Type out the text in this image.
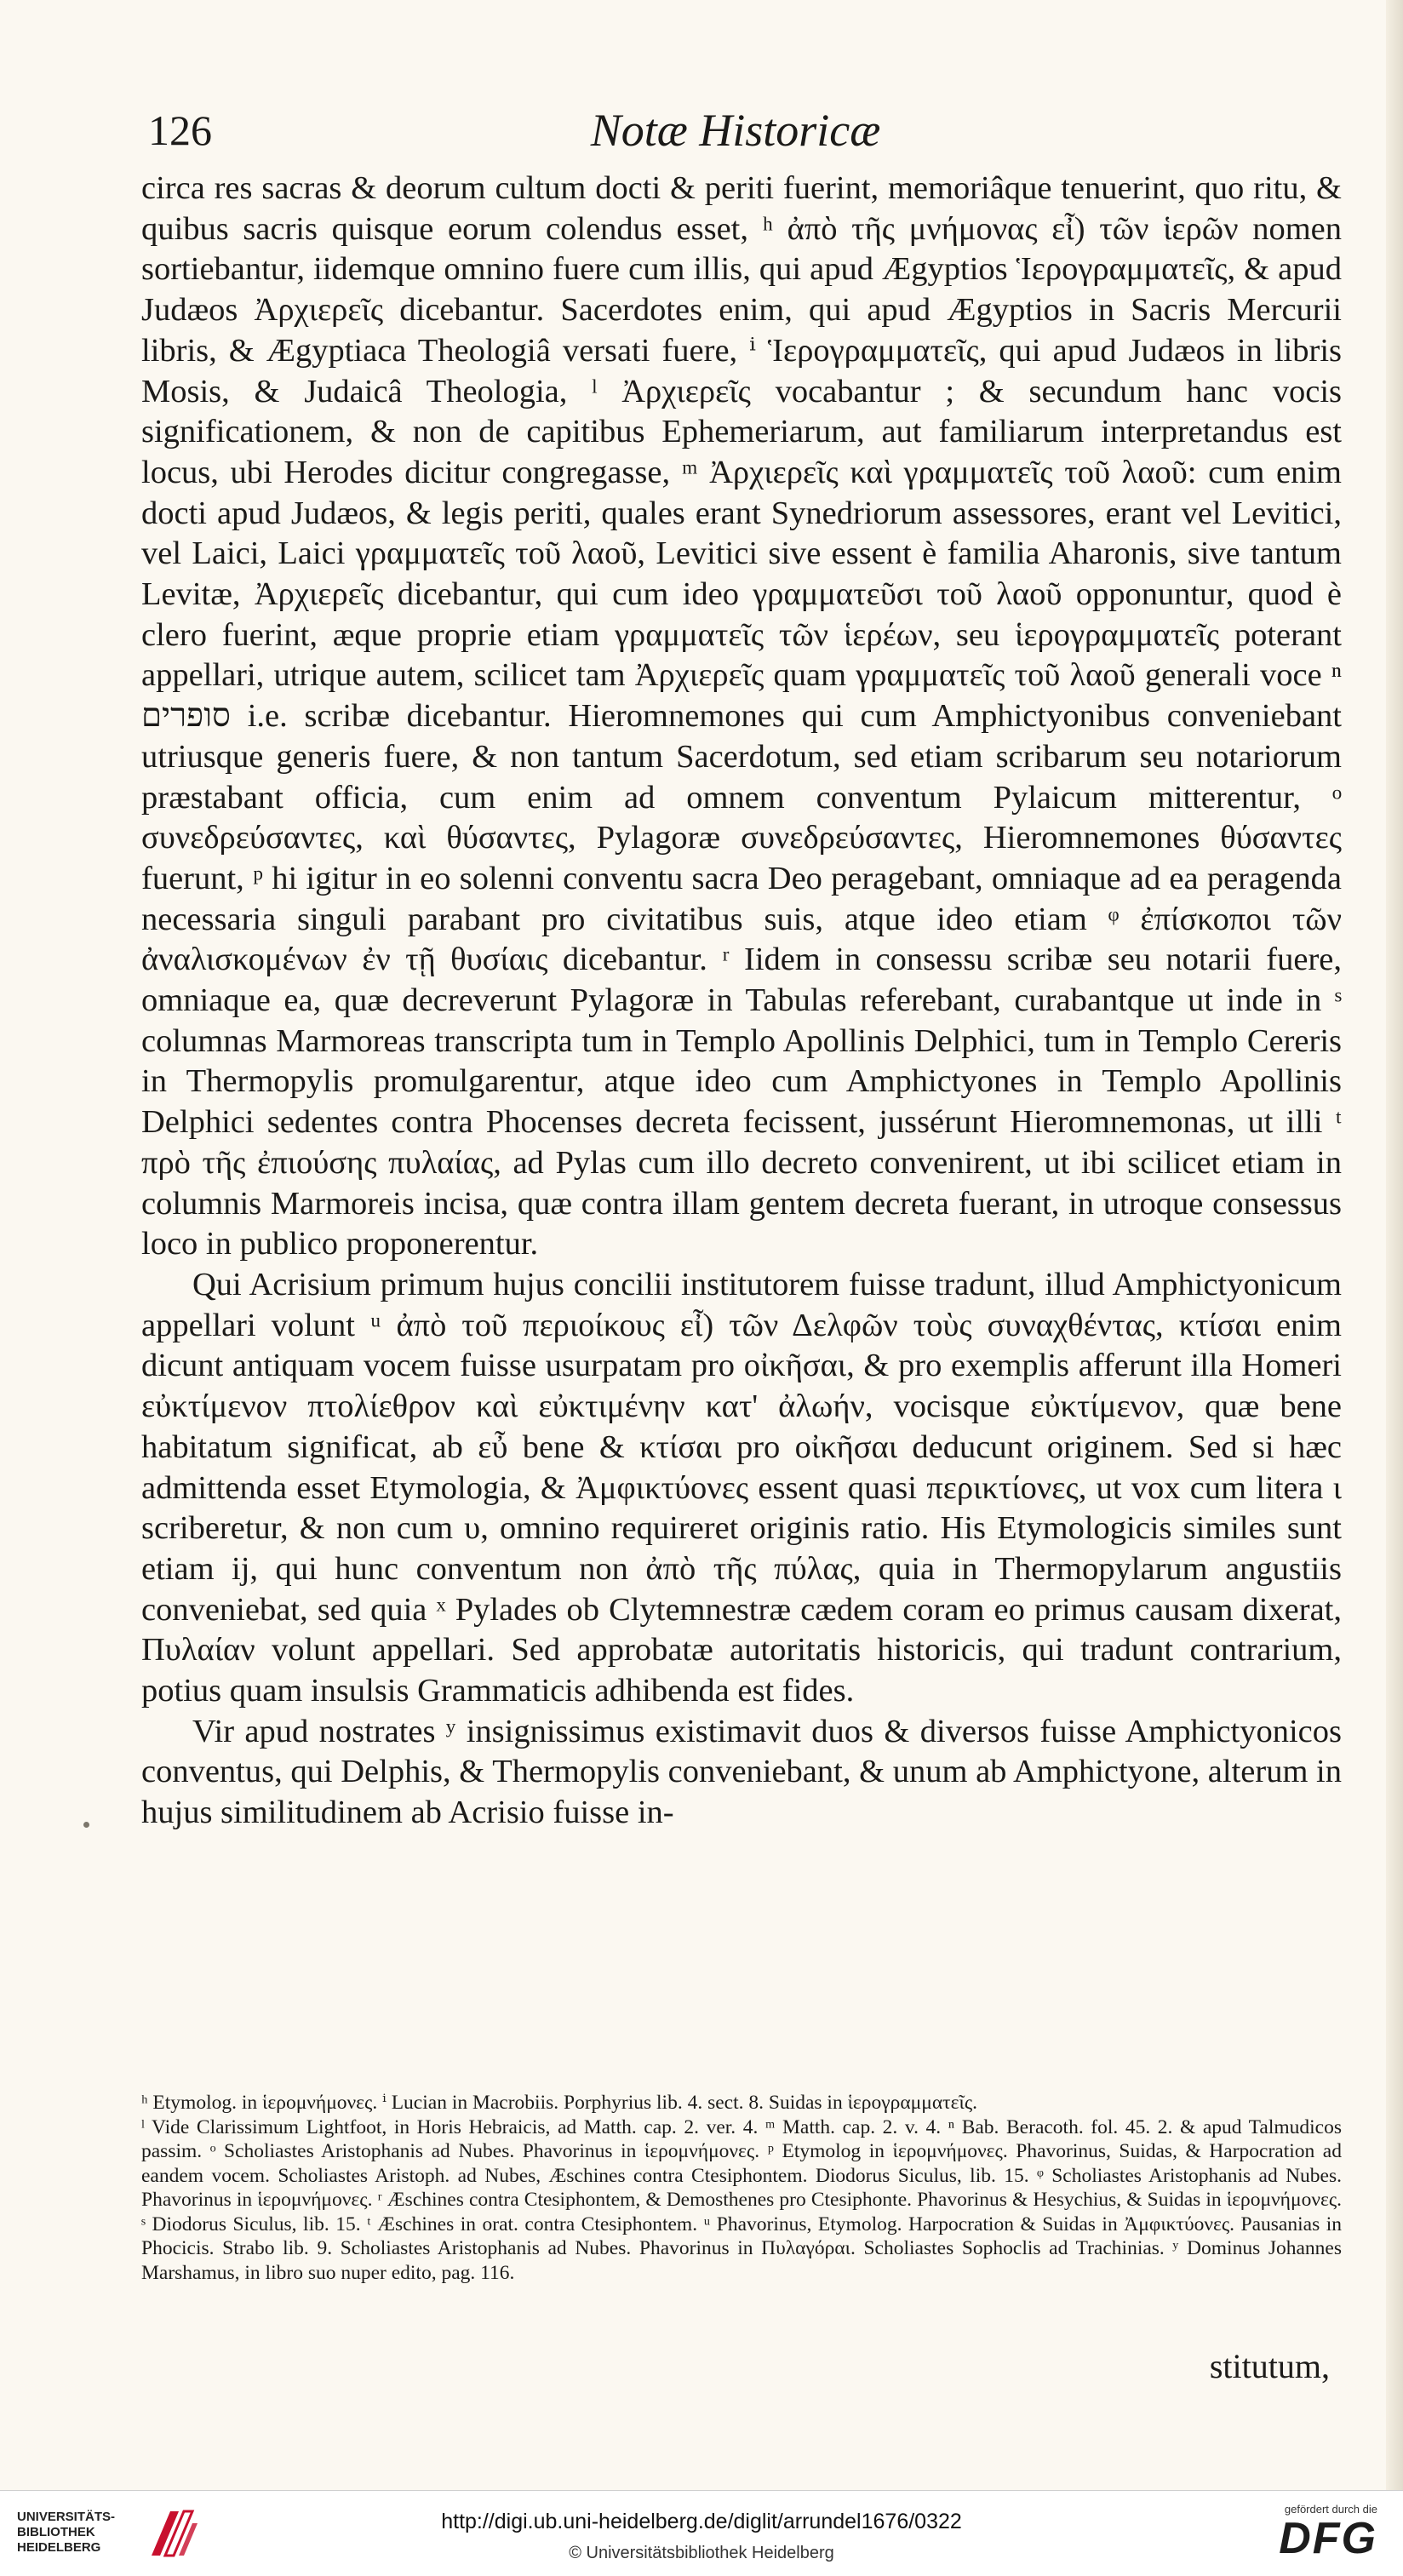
126	Notæ Historicæ

circa res sacras & deorum cultum docti & periti fuerint, memoriâque tenuerint, quo ritu, & quibus sacris quisque eorum colendus esset, ʰ ἀπὸ τῆς μνήμονας εἶ) τῶν ἱερῶν nomen sortiebantur, iidemque omnino fuere cum illis, qui apud Ægyptios Ἱερογραμματεῖς, & apud Judæos Ἀρχιερεῖς dicebantur. Sacerdotes enim, qui apud Ægyptios in Sacris Mercurii libris, & Ægyptiaca Theologiâ versati fuere, ⁱ Ἱερογραμματεῖς, qui apud Judæos in libris Mosis, & Judaicâ Theologia, ˡ Ἀρχιερεῖς vocabantur ; & secundum hanc vocis significationem, & non de capitibus Ephemeriarum, aut familiarum interpretandus est locus, ubi Herodes dicitur congregasse, ᵐ Ἀρχιερεῖς καὶ γραμματεῖς τοῦ λαοῦ: cum enim docti apud Judæos, & legis periti, quales erant Synedriorum assessores, erant vel Levitici, vel Laici, Laici γραμματεῖς τοῦ λαοῦ, Levitici sive essent è familia Aharonis, sive tantum Levitæ, Ἀρχιερεῖς dicebantur, qui cum ideo γραμματεῦσι τοῦ λαοῦ opponuntur, quod è clero fuerint, æque proprie etiam γραμματεῖς τῶν ἱερέων, seu ἱερογραμματεῖς poterant appellari, utrique autem, scilicet tam Ἀρχιερεῖς quam γραμματεῖς τοῦ λαοῦ generali voce ⁿ סופרים i.e. scribæ dicebantur. Hieromnemones qui cum Amphictyonibus conveniebant utriusque generis fuere, & non tantum Sacerdotum, sed etiam scribarum seu notariorum præstabant officia, cum enim ad omnem conventum Pylaicum mitterentur, ᵒ συνεδρεύσαντες, καὶ θύσαντες, Pylagoræ συνεδρεύσαντες, Hieromnemones θύσαντες fuerunt, ᵖ hi igitur in eo solenni conventu sacra Deo peragebant, omniaque ad ea peragenda necessaria singuli parabant pro civitatibus suis, atque ideo etiam ᵠ ἐπίσκοποι τῶν ἀναλισκομένων ἐν τῇ θυσίαις dicebantur. ʳ Iidem in consessu scribæ seu notarii fuere, omniaque ea, quæ decreverunt Pylagoræ in Tabulas referebant, curabantque ut inde in ˢ columnas Marmoreas transcripta tum in Templo Apollinis Delphici, tum in Templo Cereris in Thermopylis promulgarentur, atque ideo cum Amphictyones in Templo Apollinis Delphici sedentes contra Phocenses decreta fecissent, jussérunt Hieromnemonas, ut illi ᵗ πρὸ τῆς ἐπιούσης πυλαίας, ad Pylas cum illo decreto convenirent, ut ibi scilicet etiam in columnis Marmoreis incisa, quæ contra illam gentem decreta fuerant, in utroque consessus loco in publico proponerentur.

Qui Acrisium primum hujus concilii institutorem fuisse tradunt, illud Amphictyonicum appellari volunt ᵘ ἀπὸ τοῦ περιοίκους εἶ) τῶν Δελφῶν τοὺς συναχθέντας, κτίσαι enim dicunt antiquam vocem fuisse usurpatam pro οἰκῆσαι, & pro exemplis afferunt illa Homeri εὐκτίμενον πτολίεθρον καὶ εὐκτιμένην κατ' ἀλωήν, vocisque εὐκτίμενον, quæ bene habitatum significat, ab εὖ bene & κτίσαι pro οἰκῆσαι deducunt originem. Sed si hæc admittenda esset Etymologia, & Ἀμφικτύονες essent quasi περικτίονες, ut vox cum litera ι scriberetur, & non cum υ, omnino requireret originis ratio. His Etymologicis similes sunt etiam ij, qui hunc conventum non ἀπὸ τῆς πύλας, quia in Thermopylarum angustiis conveniebat, sed quia ˣ Pylades ob Clytemnestræ cædem coram eo primus causam dixerat, Πυλαίαν volunt appellari. Sed approbatæ autoritatis historicis, qui tradunt contrarium, potius quam insulsis Grammaticis adhibenda est fides.

Vir apud nostrates ʸ insignissimus existimavit duos & diversos fuisse Amphictyonicos conventus, qui Delphis, & Thermopylis conveniebant, & unum ab Amphictyone, alterum in hujus similitudinem ab Acrisio fuisse in-

ʰ Etymolog. in ἱερομνήμονες. ⁱ Lucian in Macrobiis. Porphyrius lib. 4. sect. 8. Suidas in ἱερογραμματεῖς.

ˡ Vide Clarissimum Lightfoot, in Horis Hebraicis, ad Matth. cap. 2. ver. 4. ᵐ Matth. cap. 2. v. 4. ⁿ Bab. Beracoth. fol. 45. 2. & apud Talmudicos passim. ᵒ Scholiastes Aristophanis ad Nubes. Phavorinus in ἱερομνήμονες. ᵖ Etymolog in ἱερομνήμονες. Phavorinus, Suidas, & Harpocration ad eandem vocem. Scholiastes Aristoph. ad Nubes, Æschines contra Ctesiphontem. Diodorus Siculus, lib. 15. ᵠ Scholiastes Aristophanis ad Nubes. Phavorinus in ἱερομνήμονες. ʳ Æschines contra Ctesiphontem, & Demosthenes pro Ctesiphonte. Phavorinus & Hesychius, & Suidas in ἱερομνήμονες. ˢ Diodorus Siculus, lib. 15. ᵗ Æschines in orat. contra Ctesiphontem. ᵘ Phavorinus, Etymolog. Harpocration & Suidas in Ἀμφικτύονες. Pausanias in Phocicis. Strabo lib. 9. Scholiastes Aristophanis ad Nubes. Phavorinus in Πυλαγόραι. Scholiastes Sophoclis ad Trachinias. ʸ Dominus Johannes Marshamus, in libro suo nuper edito, pag. 116.

stitutum,
UNIVERSITÄTS-
BIBLIOTHEK
HEIDELBERG
http://digi.ub.uni-heidelberg.de/diglit/arrundel1676/0322
© Universitätsbibliothek Heidelberg
gefördert durch die
DFG
